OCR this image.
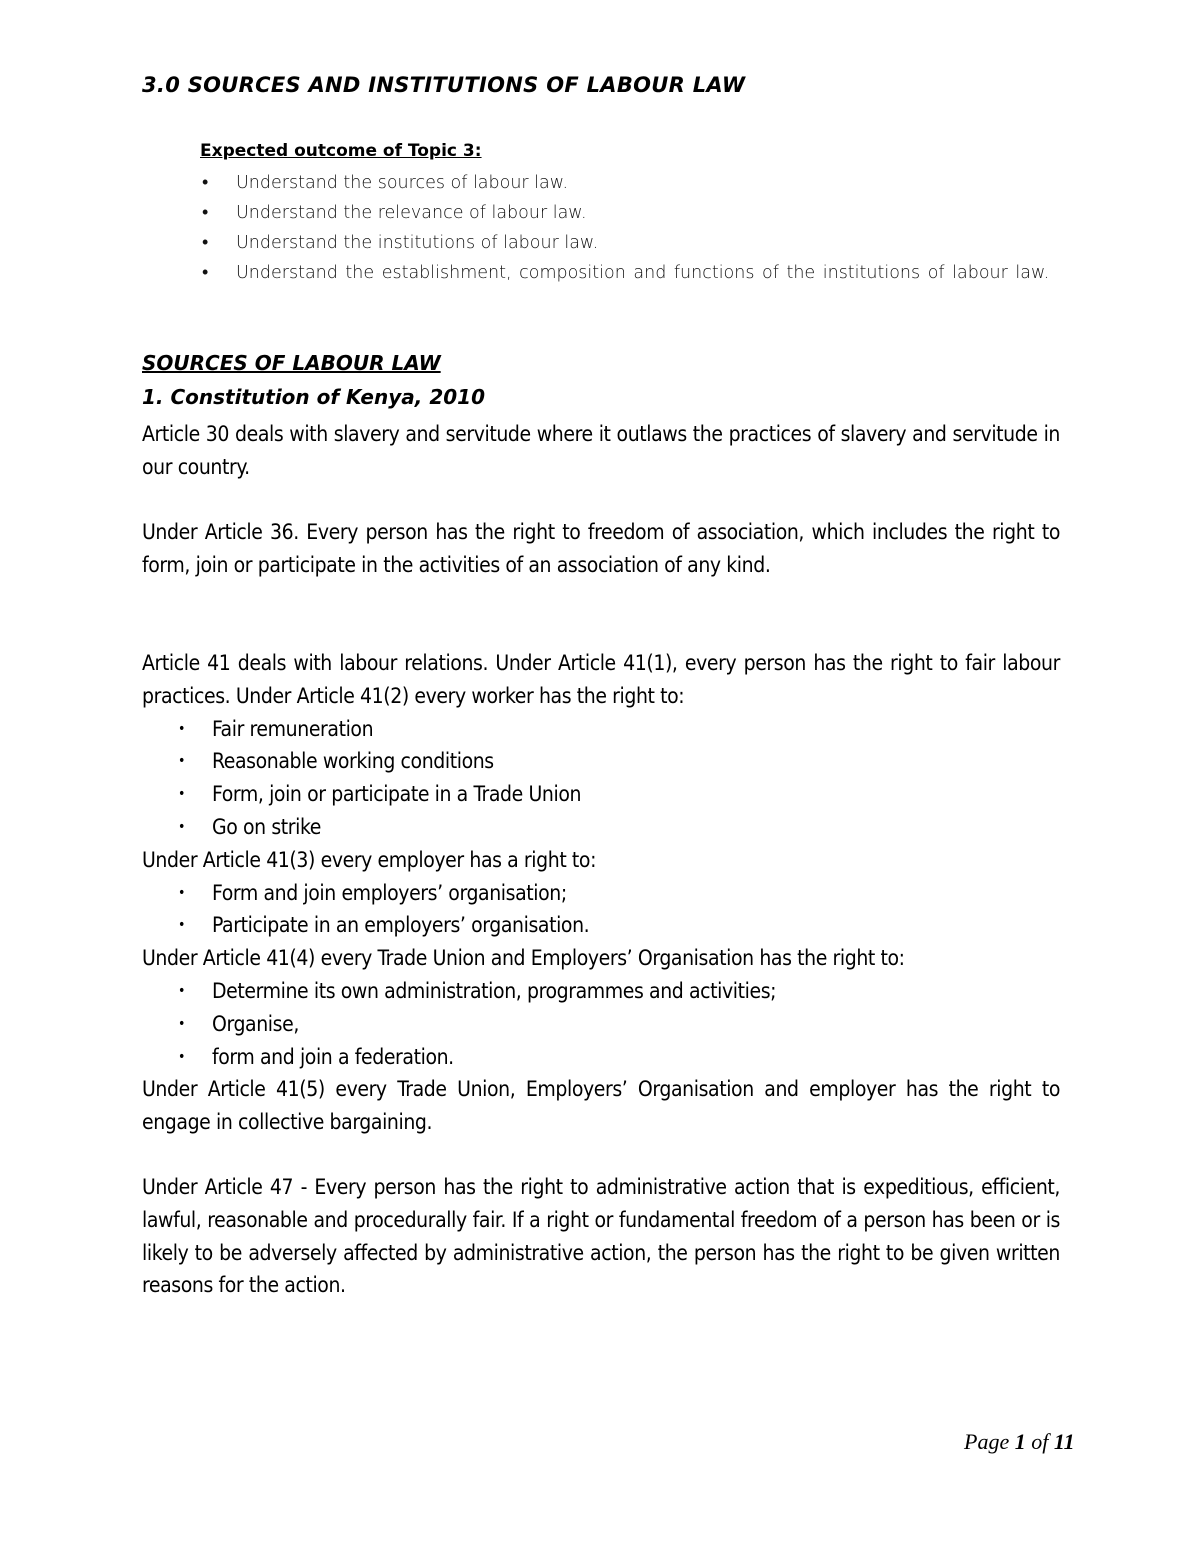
3.0 SOURCES AND INSTITUTIONS OF LABOUR LAW
Expected outcome of Topic 3:
• Understand the sources of labour law.
• Understand the relevance of labour law.
• Understand the institutions of labour law.
• Understand the establishment, composition and functions of the institutions of labour law.
SOURCES OF LABOUR LAW
1. Constitution of Kenya, 2010

Article 30 deals with slavery and servitude where it outlaws the practices of slavery and servitude in our country.

Under Article 36. Every person has the right to freedom of association, which includes the right to form, join or participate in the activities of an association of any kind.

Article 41 deals with labour relations. Under Article 41(1), every person has the right to fair labour practices. Under Article 41(2) every worker has the right to:

• Fair remuneration
• Reasonable working conditions
• Form, join or participate in a Trade Union
• Go on strike

Under Article 41(3) every employer has a right to:

• Form and join employers’ organisation;
• Participate in an employers’ organisation.

Under Article 41(4) every Trade Union and Employers’ Organisation has the right to:

• Determine its own administration, programmes and activities;
• Organise,
• form and join a federation.

Under Article 41(5) every Trade Union, Employers’ Organisation and employer has the right to engage in collective bargaining.

Under Article 47 - Every person has the right to administrative action that is expeditious, efficient, lawful, reasonable and procedurally fair. If a right or fundamental freedom of a person has been or is likely to be adversely affected by administrative action, the person has the right to be given written reasons for the action.

Page 1 of 11
